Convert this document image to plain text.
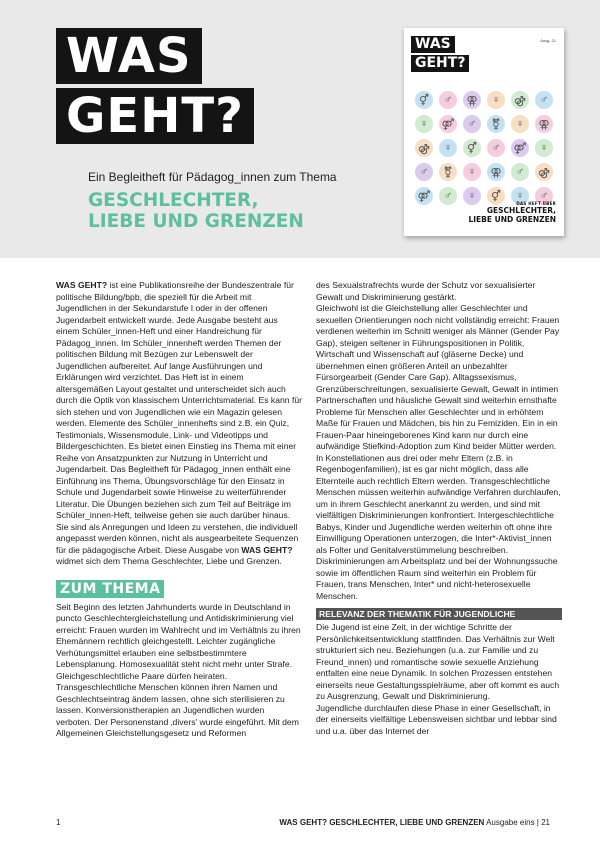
WAS
GEHT?
Ein Begleitheft für Pädagog_innen zum Thema
GESCHLECHTER,
LIEBE UND GRENZEN
WAS
GEHT?
Ausg. 21
⚥	♂	⚢	♀	⚣	♂
♀	⚤	♂	⚧	♀	⚢
⚣	♀	⚥	♂	⚤	♀
♂	⚧	♀	⚢	♂	⚣
⚤	♂	♀	⚥	♀	♂
DAS HEFT ÜBER
GESCHLECHTER,
LIEBE UND GRENZEN

WAS GEHT? ist eine Publikationsreihe der Bundeszentrale für politische Bildung/bpb, die speziell für die Arbeit mit Jugendlichen in der Sekundarstufe I oder in der offenen Jugendarbeit entwickelt wurde. Jede Ausgabe besteht aus einem Schüler_innen-Heft und einer Handreichung für Pädagog_innen. Im Schüler_innenheft werden Themen der politischen Bildung mit Bezügen zur Lebenswelt der Jugendlichen aufbereitet. Auf lange Ausführungen und Erklärungen wird verzichtet. Das Heft ist in einem altersgemäßen Layout gestaltet und unterscheidet sich auch durch die Optik von klassischem Unterrichtsmaterial. Es kann für sich stehen und von Jugendlichen wie ein Magazin gelesen werden. Elemente des Schüler_innenhefts sind z.B. ein Quiz, Testimonials, Wissensmodule, Link- und Videotipps und Bildergeschichten. Es bietet einen Einstieg ins Thema mit einer Reihe von Ansatzpunkten zur Nutzung in Unterricht und Jugendarbeit. Das Begleitheft für Pädagog_innen enthält eine Einführung ins Thema, Übungsvorschläge für den Einsatz in Schule und Jugendarbeit sowie Hinweise zu weiterführender Literatur. Die Übungen beziehen sich zum Teil auf Beiträge im Schüler_innen-Heft, teilweise gehen sie auch darüber hinaus. Sie sind als Anregungen und Ideen zu verstehen, die individuell angepasst werden können, nicht als ausgearbeitete Sequenzen für die pädagogische Arbeit. Diese Ausgabe von WAS GEHT? widmet sich dem Thema Geschlechter, Liebe und Grenzen.

ZUM THEMA

Seit Beginn des letzten Jahrhunderts wurde in Deutschland in puncto Geschlechtergleichstellung und Antidiskriminierung viel erreicht: Frauen wurden im Wahlrecht und im Verhältnis zu ihren Ehemännern rechtlich gleichgestellt. Leichter zugängliche Verhütungsmittel erlauben eine selbstbestimmtere Lebensplanung. Homosexualität steht nicht mehr unter Strafe. Gleichgeschlechtliche Paare dürfen heiraten. Transgeschlechtliche Menschen können ihren Namen und Geschlechtseintrag ändern lassen, ohne sich sterilisieren zu lassen. Konversionstherapien an Jugendlichen wurden verboten. Der Personenstand ‚divers' wurde eingeführt. Mit dem Allgemeinen Gleichstellungsgesetz und Reformen

des Sexualstrafrechts wurde der Schutz vor sexualisierter Gewalt und Diskriminierung gestärkt.

Gleichwohl ist die Gleichstellung aller Geschlechter und sexuellen Orientierungen noch nicht vollständig erreicht: Frauen verdienen weiterhin im Schnitt weniger als Männer (Gender Pay Gap), steigen seltener in Führungspositionen in Politik, Wirtschaft und Wissenschaft auf (gläserne Decke) und übernehmen einen größeren Anteil an unbezahlter Fürsorgearbeit (Gender Care Gap). Alltagssexismus, Grenzüberschreitungen, sexualisierte Gewalt, Gewalt in intimen Partnerschaften und häusliche Gewalt sind weiterhin ernsthafte Probleme für Menschen aller Geschlechter und in erhöhtem Maße für Frauen und Mädchen, bis hin zu Femiziden. Ein in ein Frauen-Paar hineingeborenes Kind kann nur durch eine aufwändige Stiefkind-Adoption zum Kind beider Mütter werden. In Konstellationen aus drei oder mehr Eltern (z.B. in Regenbogenfamilien), ist es gar nicht möglich, dass alle Elternteile auch rechtlich Eltern werden. Transgeschlechtliche Menschen müssen weiterhin aufwändige Verfahren durchlaufen, um in ihrem Geschlecht anerkannt zu werden, und sind mit vielfältigen Diskriminierungen konfrontiert. Intergeschlechtliche Babys, Kinder und Jugendliche werden weiterhin oft ohne ihre Einwilligung Operationen unterzogen, die Inter*-Aktivist_innen als Folter und Genitalverstümmelung beschreiben. Diskriminierungen am Arbeitsplatz und bei der Wohnungssuche sowie im öffentlichen Raum sind weiterhin ein Problem für Frauen, trans Menschen, Inter* und nicht-heterosexuelle Menschen.

RELEVANZ DER THEMATIK FÜR JUGENDLICHE

Die Jugend ist eine Zeit, in der wichtige Schritte der Persönlichkeitsentwicklung stattfinden. Das Verhältnis zur Welt strukturiert sich neu. Beziehungen (u.a. zur Familie und zu Freund_innen) und romantische sowie sexuelle Anziehung entfalten eine neue Dynamik. In solchen Prozessen entstehen einerseits neue Gestaltungsspielräume, aber oft kommt es auch zu Ausgrenzung, Gewalt und Diskriminierung.

Jugendliche durchlaufen diese Phase in einer Gesellschaft, in der einerseits vielfältige Lebensweisen sichtbar und lebbar sind und u.a. über das Internet der

1	WAS GEHT? GESCHLECHTER, LIEBE UND GRENZEN Ausgabe eins | 21
